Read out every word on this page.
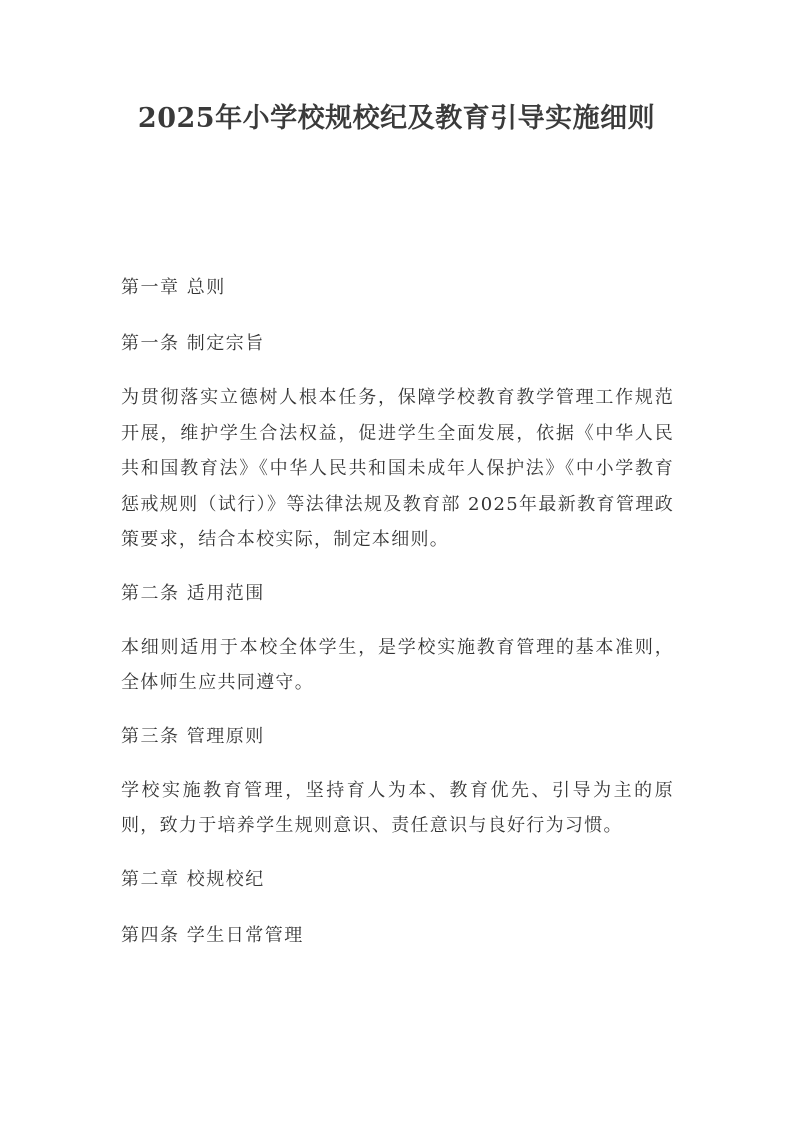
2025年小学校规校纪及教育引导实施细则
第一章 总则
第一条 制定宗旨
为贯彻落实立德树人根本任务，保障学校教育教学管理工作规范开展，维护学生合法权益，促进学生全面发展，依据《中华人民共和国教育法》《中华人民共和国未成年人保护法》《中小学教育惩戒规则（试行）》等法律法规及教育部 2025年最新教育管理政策要求，结合本校实际，制定本细则。
第二条 适用范围
本细则适用于本校全体学生，是学校实施教育管理的基本准则，全体师生应共同遵守。
第三条 管理原则
学校实施教育管理，坚持育人为本、教育优先、引导为主的原则，致力于培养学生规则意识、责任意识与良好行为习惯。
第二章 校规校纪
第四条 学生日常管理
